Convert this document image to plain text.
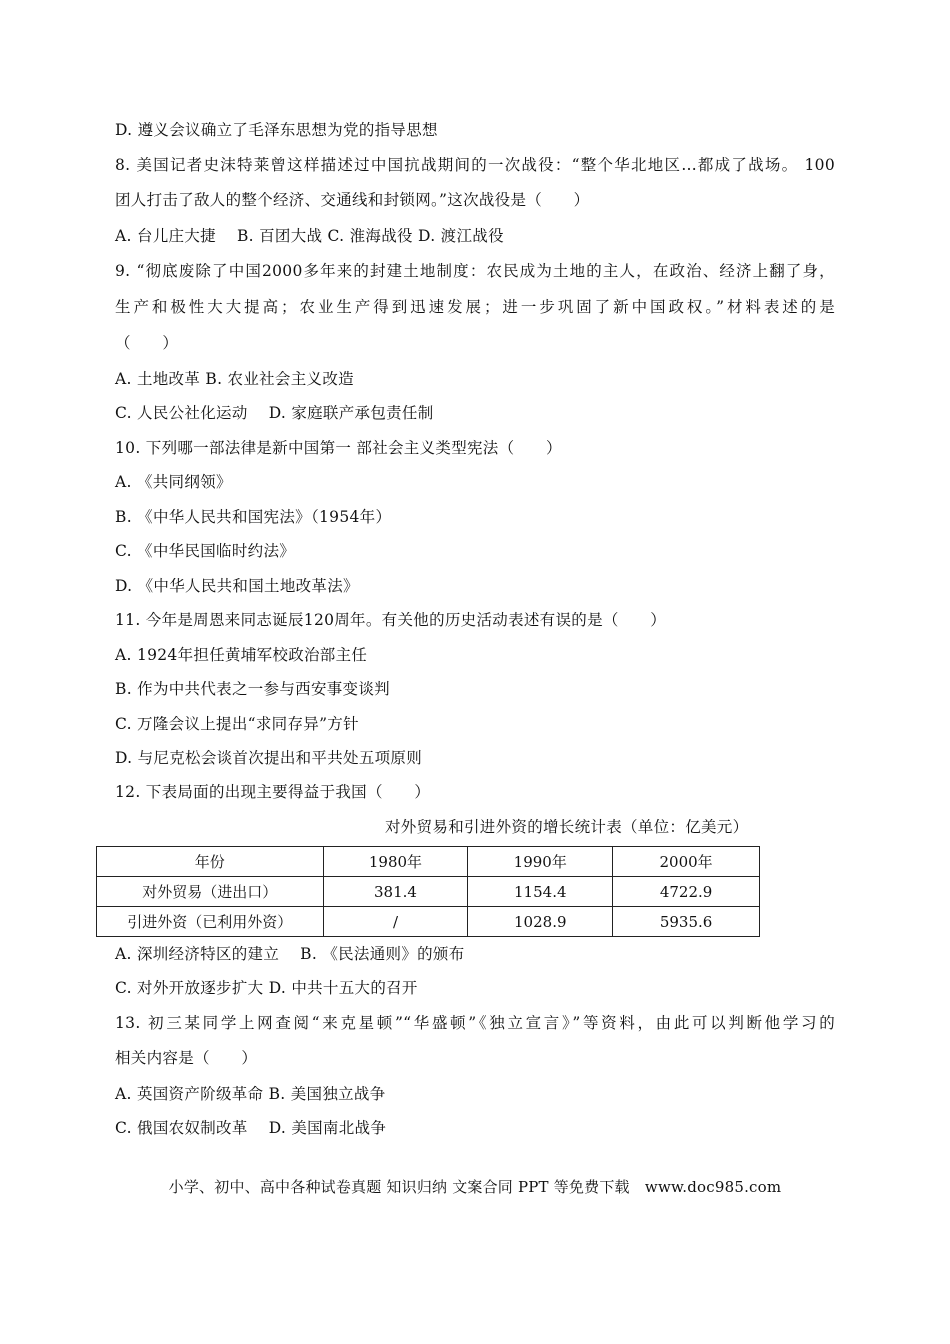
D. 遵义会议确立了毛泽东思想为党的指导思想
8. 美国记者史沫特莱曾这样描述过中国抗战期间的一次战役：“整个华北地区…都成了战场。 100
团人打击了敌人的整个经济、交通线和封锁网。”这次战役是（　　）
A. 台儿庄大捷　 B. 百团大战 C. 淮海战役 D. 渡江战役
9. “彻底废除了中国2000多年来的封建土地制度：农民成为土地的主人，在政治、经济上翻了身，
生产和极性大大提高；农业生产得到迅速发展；进一步巩固了新中国政权。”材料表述的是
（　　）
A. 土地改革 B. 农业社会主义改造
C. 人民公社化运动　 D. 家庭联产承包责任制
10. 下列哪一部法律是新中国第一 部社会主义类型宪法（　　）
A. 《共同纲领》
B. 《中华人民共和国宪法》（1954年）
C. 《中华民国临时约法》
D. 《中华人民共和国土地改革法》
11. 今年是周恩来同志诞辰120周年。有关他的历史活动表述有误的是（　　）
A. 1924年担任黄埔军校政治部主任
B. 作为中共代表之一参与西安事变谈判
C. 万隆会议上提出“求同存异”方针
D. 与尼克松会谈首次提出和平共处五项原则
12. 下表局面的出现主要得益于我国（　　）
对外贸易和引进外资的增长统计表（单位：亿美元）
年份	1980年	1990年	2000年
对外贸易（进出口）	381.4	1154.4	4722.9
引进外资（已利用外资）	/	1028.9	5935.6
A. 深圳经济特区的建立　 B. 《民法通则》的颁布
C. 对外开放逐步扩大 D. 中共十五大的召开
13. 初三某同学上网查阅“来克星顿”“华盛顿”《独立宣言》”等资料，由此可以判断他学习的
相关内容是（　　）
A. 英国资产阶级革命 B. 美国独立战争
C. 俄国农奴制改革　 D. 美国南北战争
小学、初中、高中各种试卷真题 知识归纳 文案合同 PPT 等免费下载　www.doc985.com
